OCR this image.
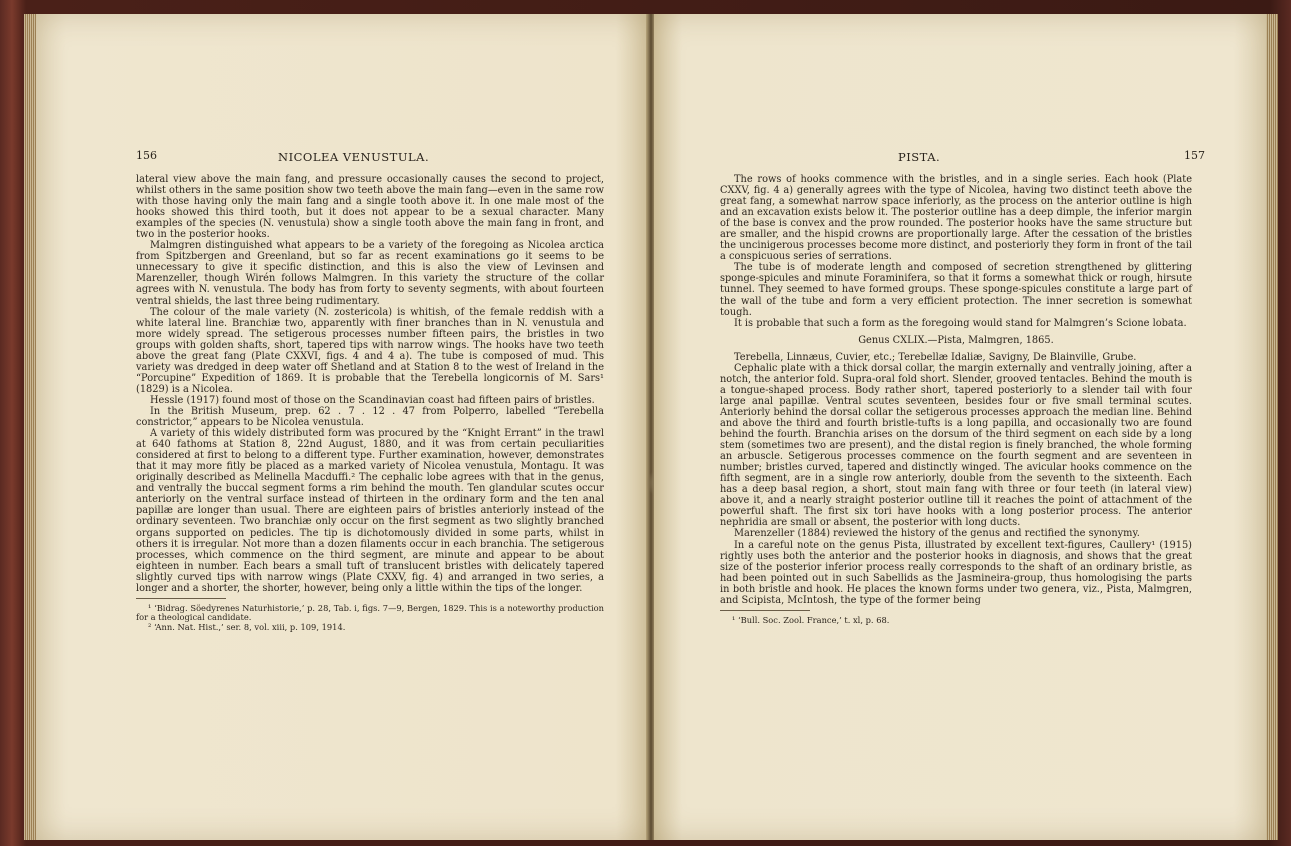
156	NICOLEA VENUSTULA.

lateral view above the main fang, and pressure occasionally causes the second to project, whilst others in the same position show two teeth above the main fang—even in the same row with those having only the main fang and a single tooth above it. In one male most of the hooks showed this third tooth, but it does not appear to be a sexual character. Many examples of the species (N. venustula) show a single tooth above the main fang in front, and two in the posterior hooks.

Malmgren distinguished what appears to be a variety of the foregoing as Nicolea arctica from Spitzbergen and Greenland, but so far as recent examinations go it seems to be unnecessary to give it specific distinction, and this is also the view of Levinsen and Marenzeller, though Wirén follows Malmgren. In this variety the structure of the collar agrees with N. venustula. The body has from forty to seventy segments, with about fourteen ventral shields, the last three being rudimentary.

The colour of the male variety (N. zostericola) is whitish, of the female reddish with a white lateral line. Branchiæ two, apparently with finer branches than in N. venustula and more widely spread. The setigerous processes number fifteen pairs, the bristles in two groups with golden shafts, short, tapered tips with narrow wings. The hooks have two teeth above the great fang (Plate CXXVI, figs. 4 and 4 a). The tube is composed of mud. This variety was dredged in deep water off Shetland and at Station 8 to the west of Ireland in the “Porcupine” Expedition of 1869. It is probable that the Terebella longicornis of M. Sars¹ (1829) is a Nicolea.

Hessle (1917) found most of those on the Scandinavian coast had fifteen pairs of bristles.

In the British Museum, prep. 62 . 7 . 12 . 47 from Polperro, labelled “Terebella constrictor,” appears to be Nicolea venustula.

A variety of this widely distributed form was procured by the “Knight Errant” in the trawl at 640 fathoms at Station 8, 22nd August, 1880, and it was from certain peculiarities considered at first to belong to a different type. Further examination, however, demonstrates that it may more fitly be placed as a marked variety of Nicolea venustula, Montagu. It was originally described as Melinella Macduffi.² The cephalic lobe agrees with that in the genus, and ventrally the buccal segment forms a rim behind the mouth. Ten glandular scutes occur anteriorly on the ventral surface instead of thirteen in the ordinary form and the ten anal papillæ are longer than usual. There are eighteen pairs of bristles anteriorly instead of the ordinary seventeen. Two branchiæ only occur on the first segment as two slightly branched organs supported on pedicles. The tip is dichotomously divided in some parts, whilst in others it is irregular. Not more than a dozen filaments occur in each branchia. The setigerous processes, which commence on the third segment, are minute and appear to be about eighteen in number. Each bears a small tuft of translucent bristles with delicately tapered slightly curved tips with narrow wings (Plate CXXV, fig. 4) and arranged in two series, a longer and a shorter, the shorter, however, being only a little within the tips of the longer.

¹ ‘Bidrag. Söedyrenes Naturhistorie,’ p. 28, Tab. i, figs. 7—9, Bergen, 1829. This is a noteworthy production for a theological candidate.

² ‘Ann. Nat. Hist.,’ ser. 8, vol. xiii, p. 109, 1914.

PISTA.	157

The rows of hooks commence with the bristles, and in a single series. Each hook (Plate CXXV, fig. 4 a) generally agrees with the type of Nicolea, having two distinct teeth above the great fang, a somewhat narrow space inferiorly, as the process on the anterior outline is high and an excavation exists below it. The posterior outline has a deep dimple, the inferior margin of the base is convex and the prow rounded. The posterior hooks have the same structure but are smaller, and the hispid crowns are proportionally large. After the cessation of the bristles the uncinigerous processes become more distinct, and posteriorly they form in front of the tail a conspicuous series of serrations.

The tube is of moderate length and composed of secretion strengthened by glittering sponge-spicules and minute Foraminifera, so that it forms a somewhat thick or rough, hirsute tunnel. They seemed to have formed groups. These sponge-spicules constitute a large part of the wall of the tube and form a very efficient protection. The inner secretion is somewhat tough.

It is probable that such a form as the foregoing would stand for Malmgren’s Scione lobata.

Genus CXLIX.—Pista, Malmgren, 1865.

Terebella, Linnæus, Cuvier, etc.; Terebellæ Idaliæ, Savigny, De Blainville, Grube.

Cephalic plate with a thick dorsal collar, the margin externally and ventrally joining, after a notch, the anterior fold. Supra-oral fold short. Slender, grooved tentacles. Behind the mouth is a tongue-shaped process. Body rather short, tapered posteriorly to a slender tail with four large anal papillæ. Ventral scutes seventeen, besides four or five small terminal scutes. Anteriorly behind the dorsal collar the setigerous processes approach the median line. Behind and above the third and fourth bristle-tufts is a long papilla, and occasionally two are found behind the fourth. Branchia arises on the dorsum of the third segment on each side by a long stem (sometimes two are present), and the distal region is finely branched, the whole forming an arbuscle. Setigerous processes commence on the fourth segment and are seventeen in number; bristles curved, tapered and distinctly winged. The avicular hooks commence on the fifth segment, are in a single row anteriorly, double from the seventh to the sixteenth. Each has a deep basal region, a short, stout main fang with three or four teeth (in lateral view) above it, and a nearly straight posterior outline till it reaches the point of attachment of the powerful shaft. The first six tori have hooks with a long posterior process. The anterior nephridia are small or absent, the posterior with long ducts.

Marenzeller (1884) reviewed the history of the genus and rectified the synonymy.

In a careful note on the genus Pista, illustrated by excellent text-figures, Caullery¹ (1915) rightly uses both the anterior and the posterior hooks in diagnosis, and shows that the great size of the posterior inferior process really corresponds to the shaft of an ordinary bristle, as had been pointed out in such Sabellids as the Jasmineira-group, thus homologising the parts in both bristle and hook. He places the known forms under two genera, viz., Pista, Malmgren, and Scipista, McIntosh, the type of the former being

¹ ‘Bull. Soc. Zool. France,’ t. xl, p. 68.
